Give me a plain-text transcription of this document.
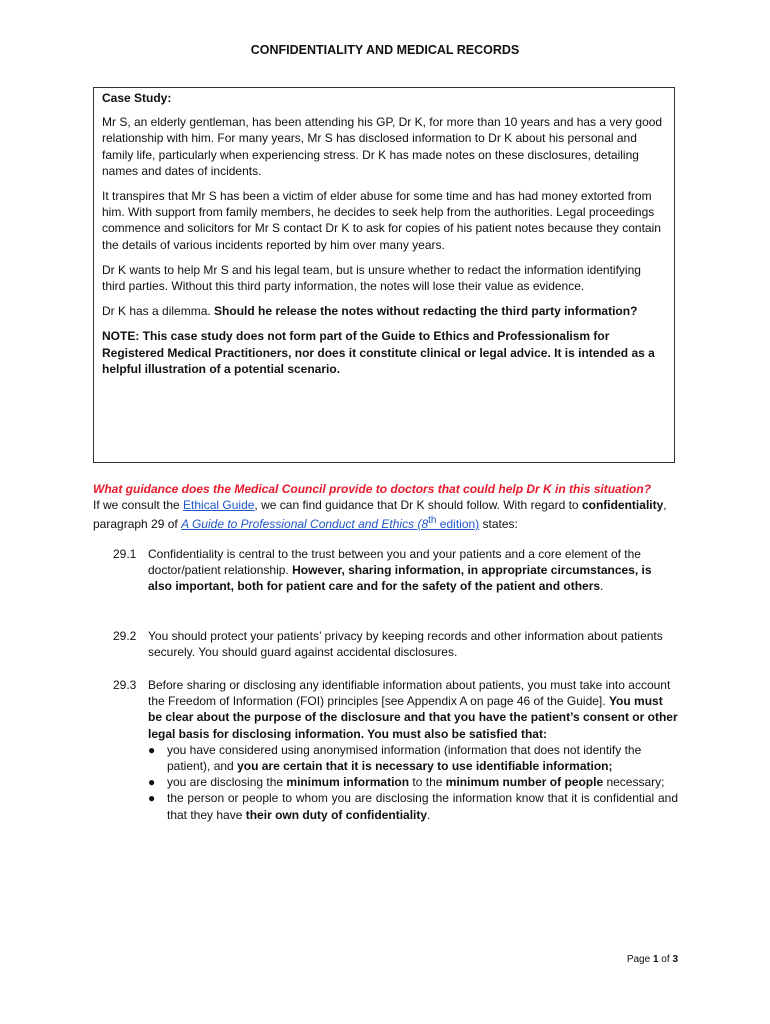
CONFIDENTIALITY AND MEDICAL RECORDS

Case Study:

Mr S, an elderly gentleman, has been attending his GP, Dr K, for more than 10 years and has a very good relationship with him. For many years, Mr S has disclosed information to Dr K about his personal and family life, particularly when experiencing stress. Dr K has made notes on these disclosures, detailing names and dates of incidents.

It transpires that Mr S has been a victim of elder abuse for some time and has had money extorted from him. With support from family members, he decides to seek help from the authorities. Legal proceedings commence and solicitors for Mr S contact Dr K to ask for copies of his patient notes because they contain the details of various incidents reported by him over many years.

Dr K wants to help Mr S and his legal team, but is unsure whether to redact the information identifying third parties. Without this third party information, the notes will lose their value as evidence.

Dr K has a dilemma. Should he release the notes without redacting the third party information?

NOTE: This case study does not form part of the Guide to Ethics and Professionalism for Registered Medical Practitioners, nor does it constitute clinical or legal advice. It is intended as a helpful illustration of a potential scenario.

What guidance does the Medical Council provide to doctors that could help Dr K in this situation?
If we consult the Ethical Guide, we can find guidance that Dr K should follow. With regard to confidentiality, paragraph 29 of A Guide to Professional Conduct and Ethics (8th edition) states:
29.1 Confidentiality is central to the trust between you and your patients and a core element of the doctor/patient relationship. However, sharing information, in appropriate circumstances, is also important, both for patient care and for the safety of the patient and others.
29.2 You should protect your patients’ privacy by keeping records and other information about patients securely. You should guard against accidental disclosures.
29.3 Before sharing or disclosing any identifiable information about patients, you must take into account the Freedom of Information (FOI) principles [see Appendix A on page 46 of the Guide]. You must be clear about the purpose of the disclosure and that you have the patient’s consent or other legal basis for disclosing information. You must also be satisfied that:
● you have considered using anonymised information (information that does not identify the patient), and you are certain that it is necessary to use identifiable information;
● you are disclosing the minimum information to the minimum number of people necessary;
● the person or people to whom you are disclosing the information know that it is confidential and that they have their own duty of confidentiality.
Page 1 of 3
